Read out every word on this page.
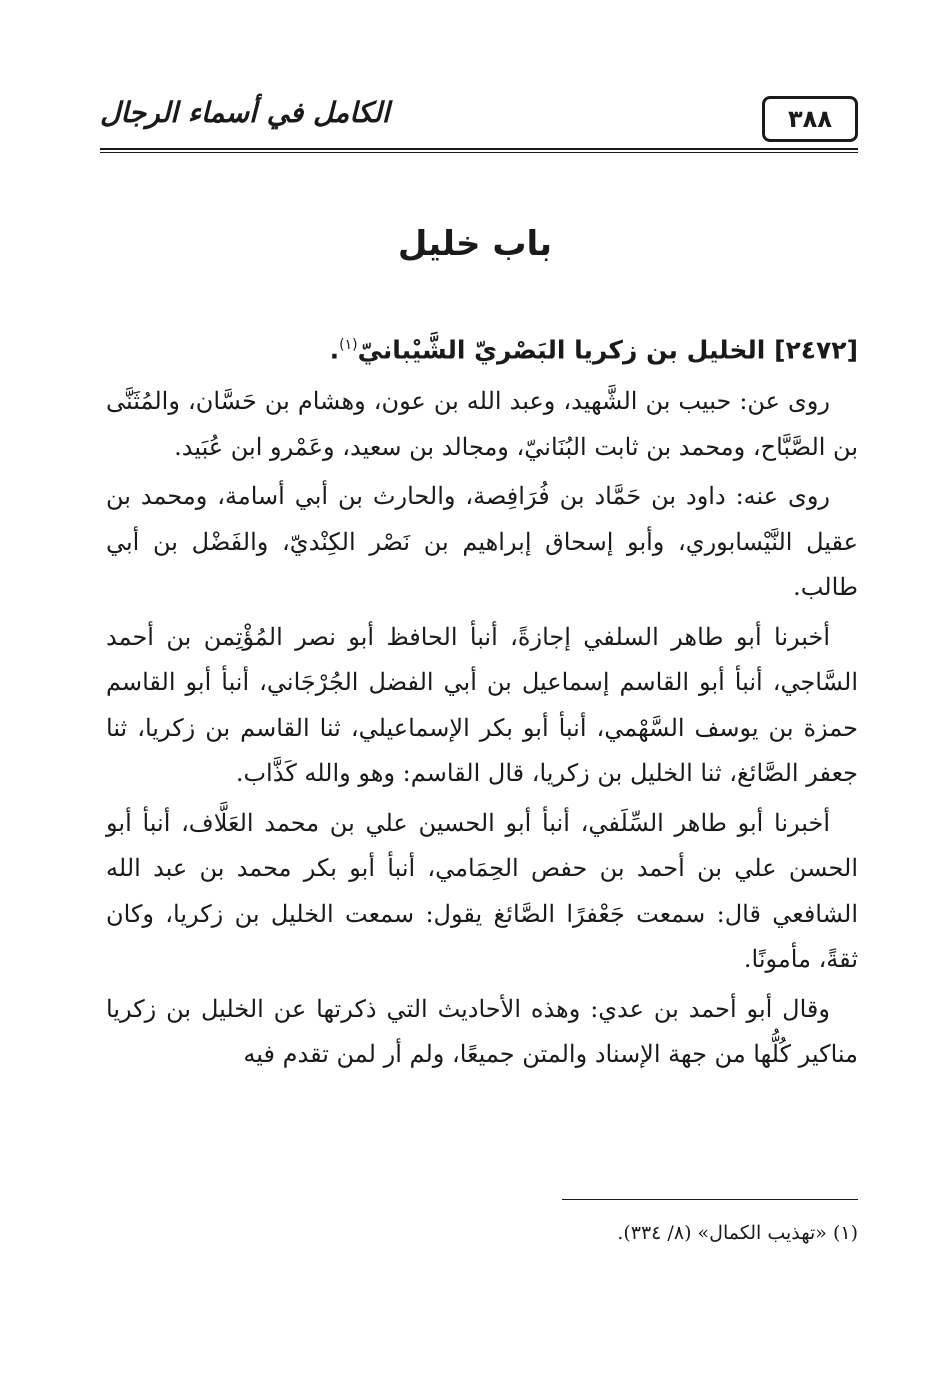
الكامل في أسماء الرجال	٣٨٨
باب خليل

[٢٤٧٢] الخليل بن زكريا البَصْريّ الشَّيْبانيّ$^{(١)}$.

روى عن: حبيب بن الشَّهيد، وعبد الله بن عون، وهشام بن حَسَّان، والمُثَنَّى بن الصَّبَّاح، ومحمد بن ثابت البُنَانيّ، ومجالد بن سعيد، وعَمْرو ابن عُبَيد.

روى عنه: داود بن حَمَّاد بن فُرَافِصة، والحارث بن أبي أسامة، ومحمد بن عقيل النَّيْسابوري، وأبو إسحاق إبراهيم بن نَصْر الكِنْديّ، والفَضْل بن أبي طالب.

أخبرنا أبو طاهر السلفي إجازةً، أنبأ الحافظ أبو نصر المُؤْتِمن بن أحمد السَّاجي، أنبأ أبو القاسم إسماعيل بن أبي الفضل الجُرْجَاني، أنبأ أبو القاسم حمزة بن يوسف السَّهْمي، أنبأ أبو بكر الإسماعيلي، ثنا القاسم بن زكريا، ثنا جعفر الصَّائغ، ثنا الخليل بن زكريا، قال القاسم: وهو والله كَذَّاب.

أخبرنا أبو طاهر السِّلَفي، أنبأ أبو الحسين علي بن محمد العَلَّاف، أنبأ أبو الحسن علي بن أحمد بن حفص الحِمَامي، أنبأ أبو بكر محمد بن عبد الله الشافعي قال: سمعت جَعْفرًا الصَّائغ يقول: سمعت الخليل بن زكريا، وكان ثقةً، مأمونًا.

وقال أبو أحمد بن عدي: وهذه الأحاديث التي ذكرتها عن الخليل بن زكريا مناكير كُلُّها من جهة الإسناد والمتن جميعًا، ولم أر لمن تقدم فيه

(١) «تهذيب الكمال» (٨/ ٣٣٤).
